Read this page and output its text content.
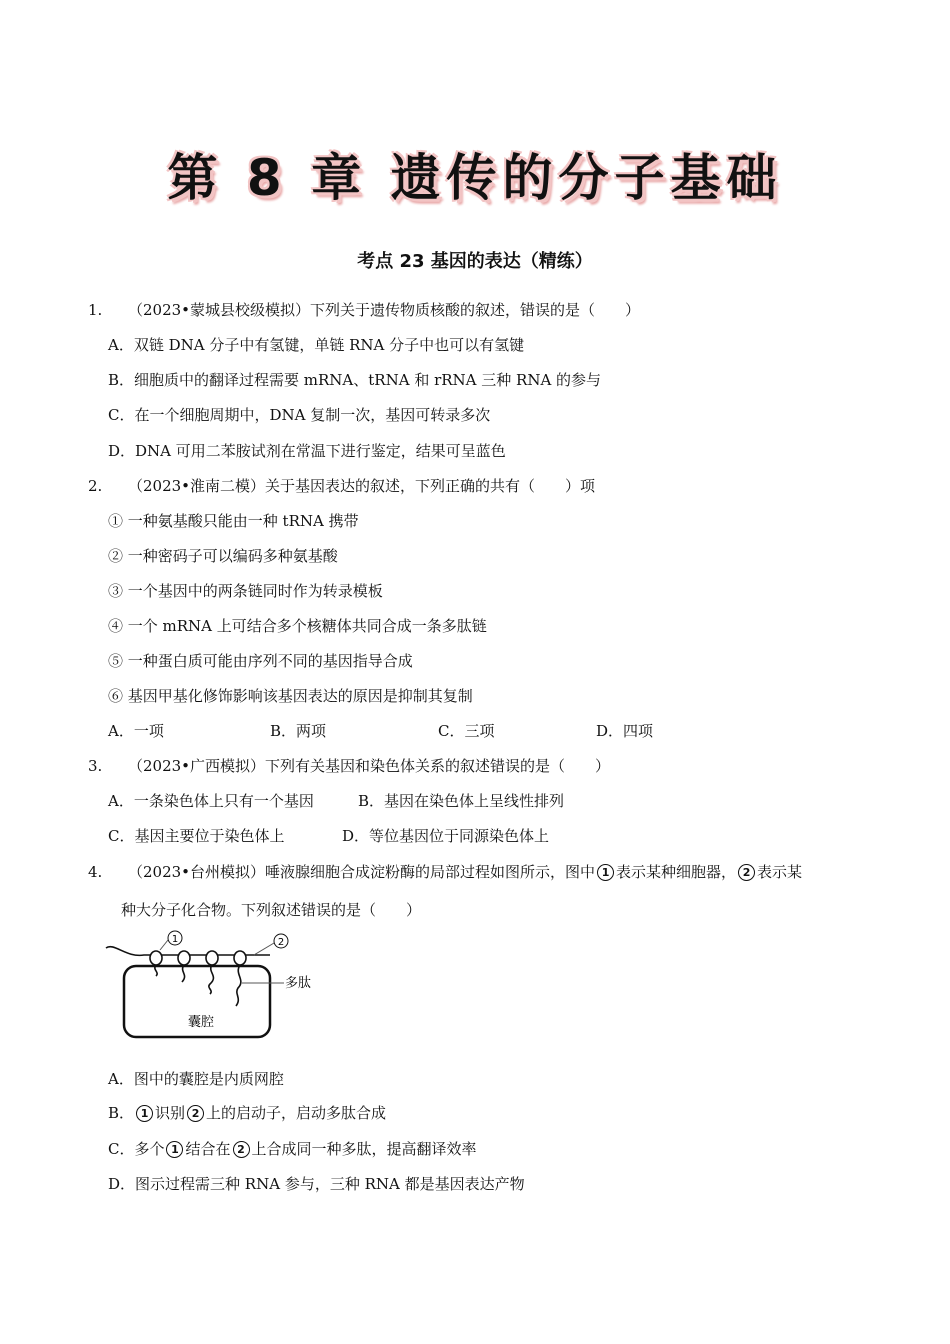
第 8 章 遗传的分子基础
考点 23 基因的表达（精练）
1. （2023•蒙城县校级模拟）下列关于遗传物质核酸的叙述，错误的是（　　）
A．双链 DNA 分子中有氢键，单链 RNA 分子中也可以有氢键
B．细胞质中的翻译过程需要 mRNA、tRNA 和 rRNA 三种 RNA 的参与
C．在一个细胞周期中，DNA 复制一次，基因可转录多次
D．DNA 可用二苯胺试剂在常温下进行鉴定，结果可呈蓝色
2. （2023•淮南二模）关于基因表达的叙述，下列正确的共有（　　）项
① 一种氨基酸只能由一种 tRNA 携带
② 一种密码子可以编码多种氨基酸
③ 一个基因中的两条链同时作为转录模板
④ 一个 mRNA 上可结合多个核糖体共同合成一条多肽链
⑤ 一种蛋白质可能由序列不同的基因指导合成
⑥ 基因甲基化修饰影响该基因表达的原因是抑制其复制
A．一项	B．两项	C．三项	D．四项
3. （2023•广西模拟）下列有关基因和染色体关系的叙述错误的是（　　）
A．一条染色体上只有一个基因	B．基因在染色体上呈线性排列
C．基因主要位于染色体上	D．等位基因位于同源染色体上
4. （2023•台州模拟）唾液腺细胞合成淀粉酶的局部过程如图所示，图中 1 表示某种细胞器， 2 表示某
种大分子化合物。下列叙述错误的是（　　）
1	2
多肽
囊腔
A．图中的囊腔是内质网腔
B． 1 识别 2 上的启动子，启动多肽合成
C．多个 1 结合在 2 上合成同一种多肽，提高翻译效率
D．图示过程需三种 RNA 参与，三种 RNA 都是基因表达产物
